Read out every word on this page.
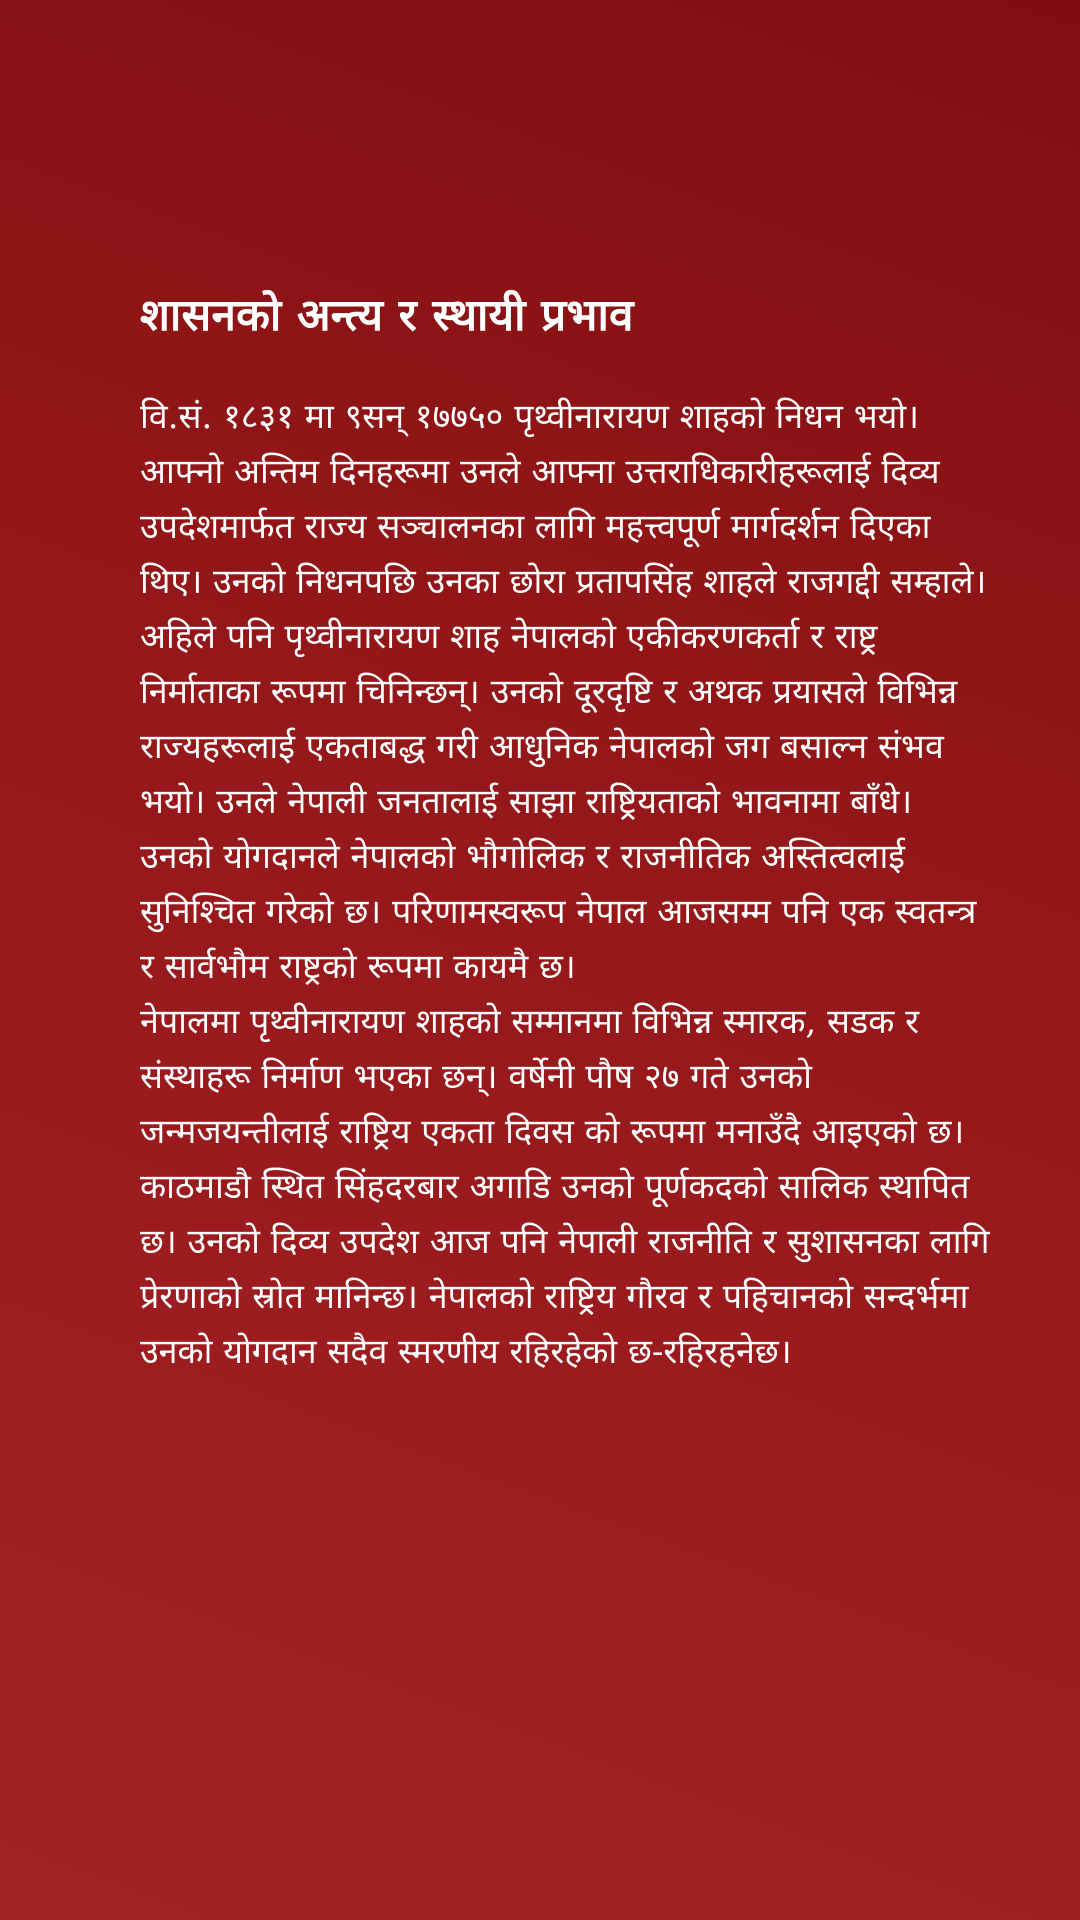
शासनको अन्त्य र स्थायी प्रभाव

वि.सं. १८३१ मा ९सन् १७७५० पृथ्वीनारायण शाहको निधन भयो। आफ्नो अन्तिम दिनहरूमा उनले आफ्ना उत्तराधिकारीहरूलाई दिव्य उपदेशमार्फत राज्य सञ्चालनका लागि महत्त्वपूर्ण मार्गदर्शन दिएका थिए। उनको निधनपछि उनका छोरा प्रतापसिंह शाहले राजगद्दी सम्हाले।

अहिले पनि पृथ्वीनारायण शाह नेपालको एकीकरणकर्ता र राष्ट्र निर्माताका रूपमा चिनिन्छन्। उनको दूरदृष्टि र अथक प्रयासले विभिन्न राज्यहरूलाई एकताबद्ध गरी आधुनिक नेपालको जग बसाल्न संभव भयो। उनले नेपाली जनतालाई साझा राष्ट्रियताको भावनामा बाँधे। उनको योगदानले नेपालको भौगोलिक र राजनीतिक अस्तित्वलाई सुनिश्चित गरेको छ। परिणामस्वरूप नेपाल आजसम्म पनि एक स्वतन्त्र र सार्वभौम राष्ट्रको रूपमा कायमै छ।

नेपालमा पृथ्वीनारायण शाहको सम्मानमा विभिन्न स्मारक, सडक र संस्थाहरू निर्माण भएका छन्। वर्षेनी पौष २७ गते उनको जन्मजयन्तीलाई राष्ट्रिय एकता दिवस को रूपमा मनाउँदै आइएको छ। काठमाडौ स्थित सिंहदरबार अगाडि उनको पूर्णकदको सालिक स्थापित छ। उनको दिव्य उपदेश आज पनि नेपाली राजनीति र सुशासनका लागि प्रेरणाको स्रोत मानिन्छ। नेपालको राष्ट्रिय गौरव र पहिचानको सन्दर्भमा उनको योगदान सदैव स्मरणीय रहिरहेको छ-रहिरहनेछ।
